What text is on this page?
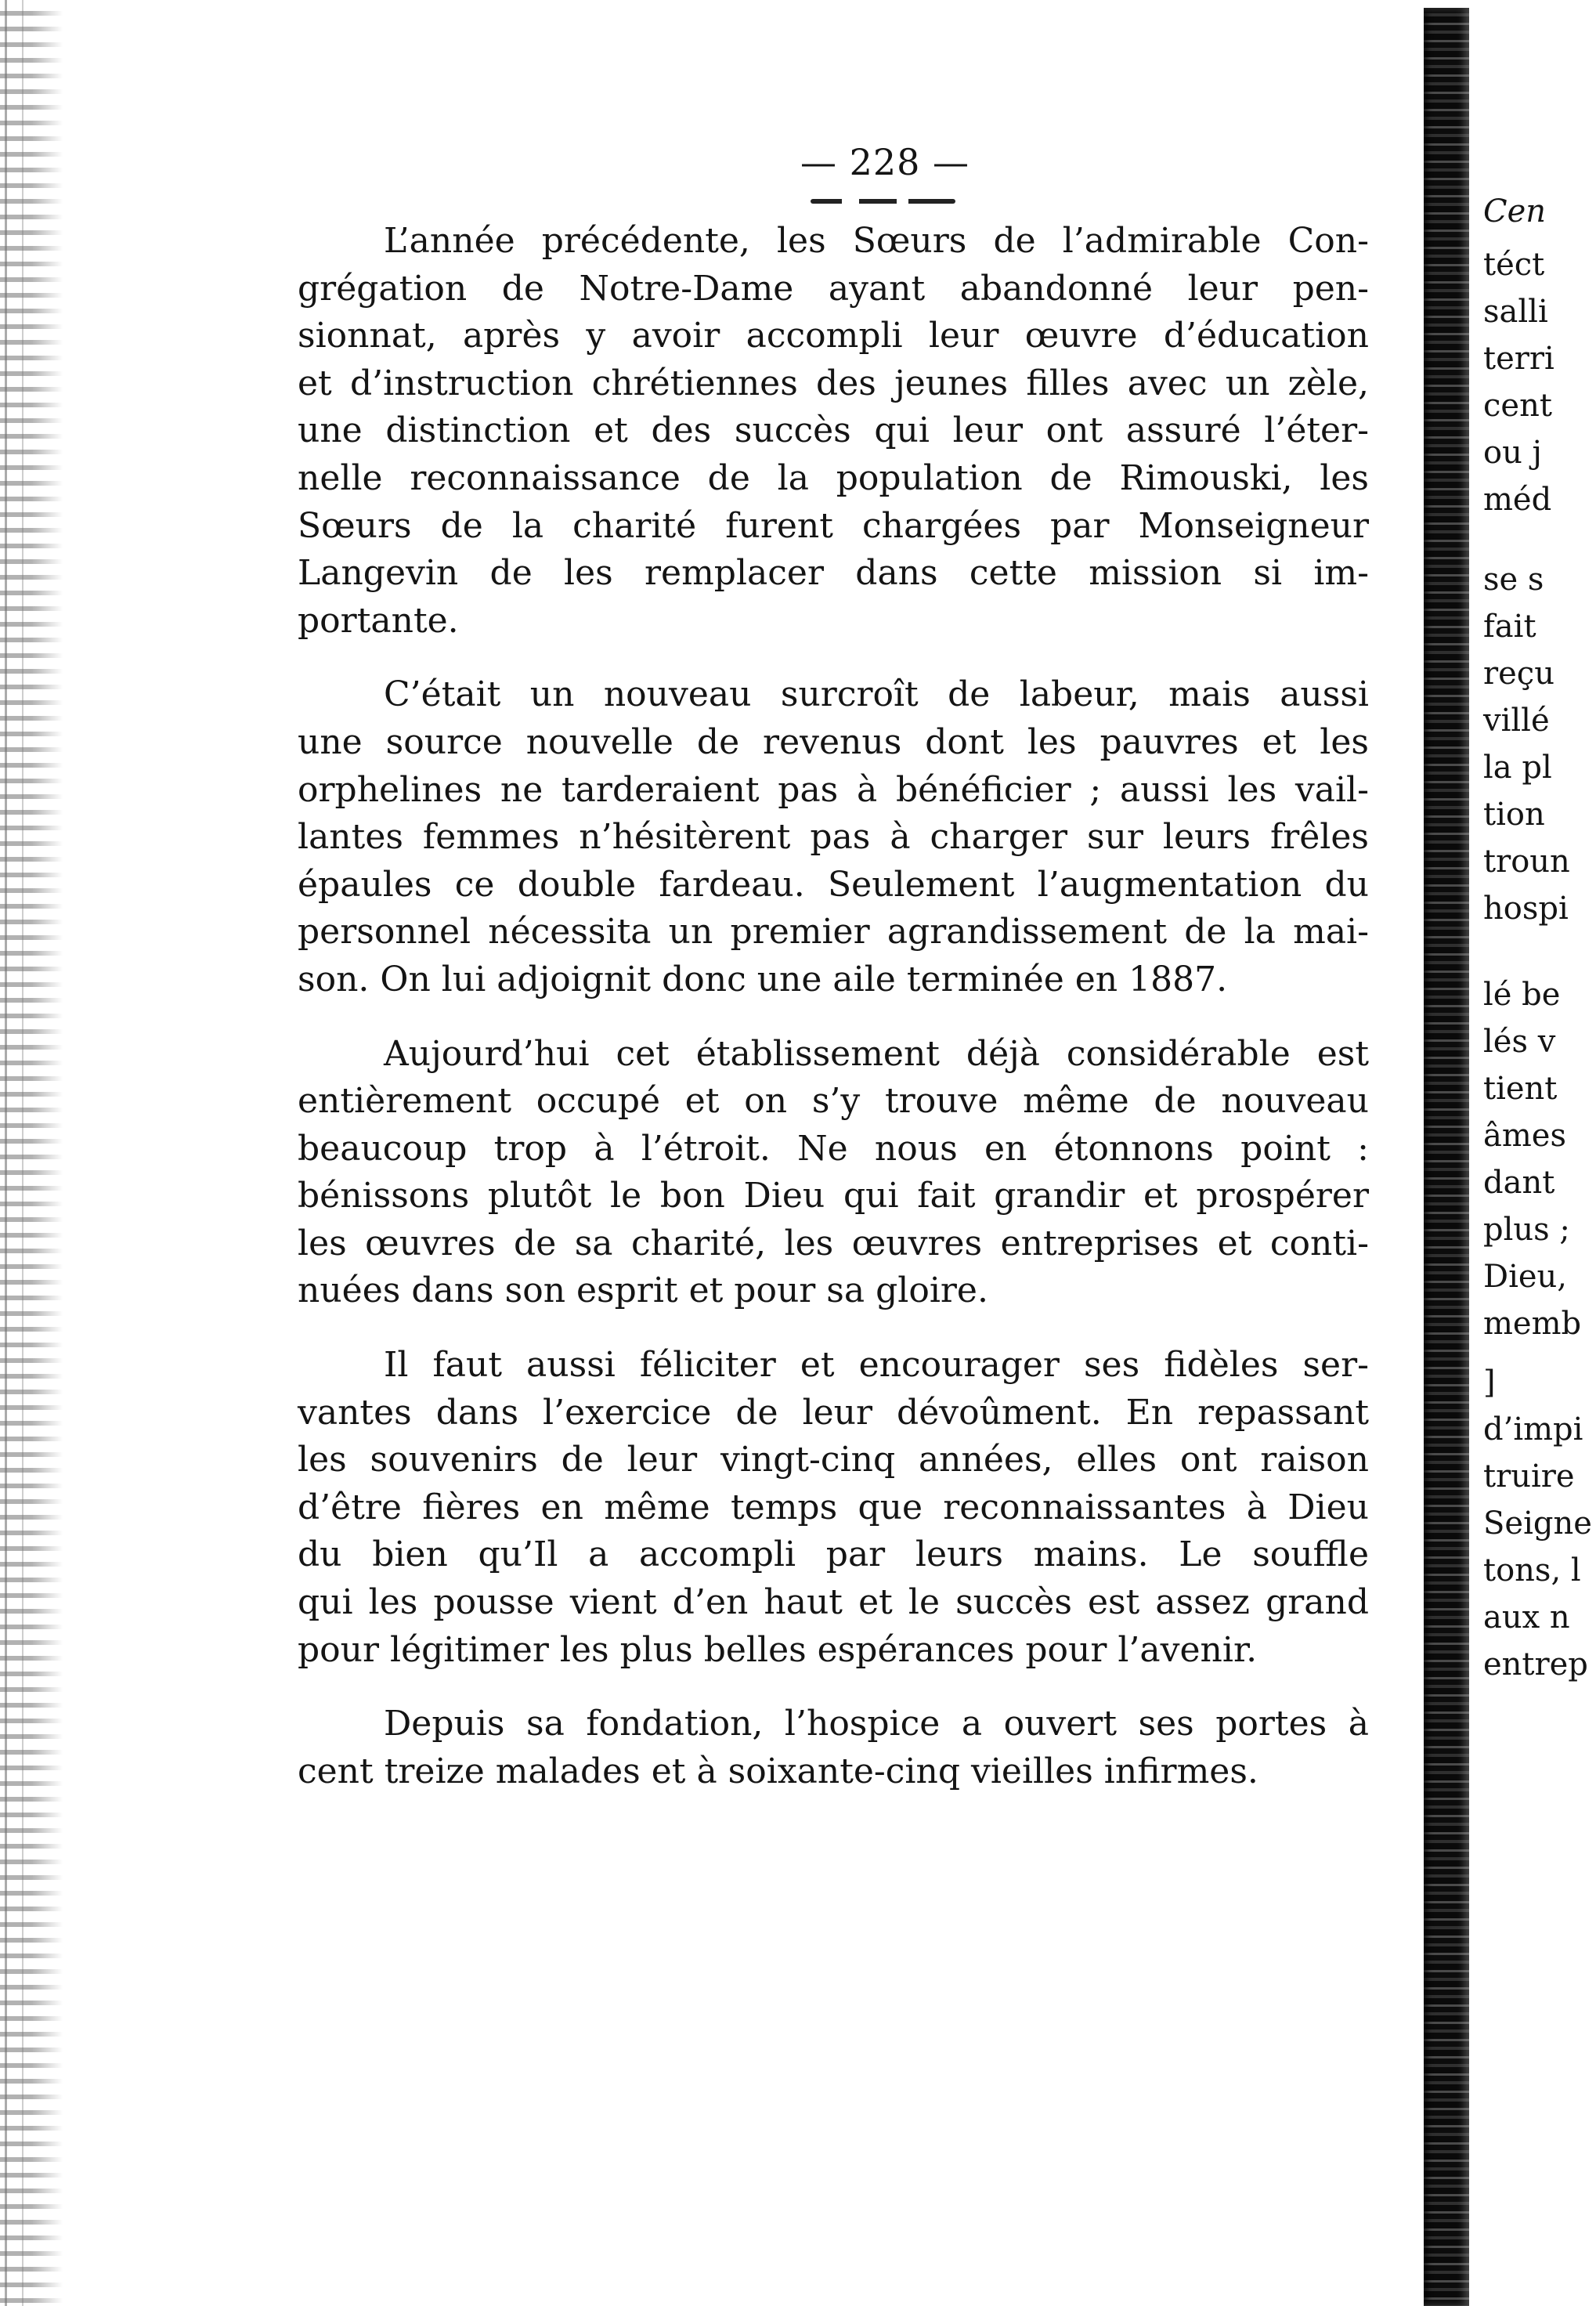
— 228 —
L’année précédente, les Sœurs de l’admirable Con-
grégation de Notre-Dame ayant abandonné leur pen-
sionnat, après y avoir accompli leur œuvre d’éducation
et d’instruction chrétiennes des jeunes filles avec un zèle,
une distinction et des succès qui leur ont assuré l’éter-
nelle reconnaissance de la population de Rimouski, les
Sœurs de la charité furent chargées par Monseigneur
Langevin de les remplacer dans cette mission si im-
portante.
C’était un nouveau surcroît de labeur, mais aussi
une source nouvelle de revenus dont les pauvres et les
orphelines ne tarderaient pas à bénéficier ; aussi les vail-
lantes femmes n’hésitèrent pas à charger sur leurs frêles
épaules ce double fardeau. Seulement l’augmentation du
personnel nécessita un premier agrandissement de la mai-
son. On lui adjoignit donc une aile terminée en 1887.
Aujourd’hui cet établissement déjà considérable est
entièrement occupé et on s’y trouve même de nouveau
beaucoup trop à l’étroit. Ne nous en étonnons point :
bénissons plutôt le bon Dieu qui fait grandir et prospérer
les œuvres de sa charité, les œuvres entreprises et conti-
nuées dans son esprit et pour sa gloire.
Il faut aussi féliciter et encourager ses fidèles ser-
vantes dans l’exercice de leur dévoûment. En repassant
les souvenirs de leur vingt-cinq années, elles ont raison
d’être fières en même temps que reconnaissantes à Dieu
du bien qu’Il a accompli par leurs mains. Le souffle
qui les pousse vient d’en haut et le succès est assez grand
pour légitimer les plus belles espérances pour l’avenir.
Depuis sa fondation, l’hospice a ouvert ses portes à
cent treize malades et à soixante-cinq vieilles infirmes.
Cen
téct
salli
terri
cent
ou j
méd
se s
fait
reçu
villé
la pl
tion
troun
hospi
lé be
lés v
tient
âmes
dant
plus ;
Dieu,
memb
]
d’impi
truire
Seigne
tons, l
aux n
entrep
